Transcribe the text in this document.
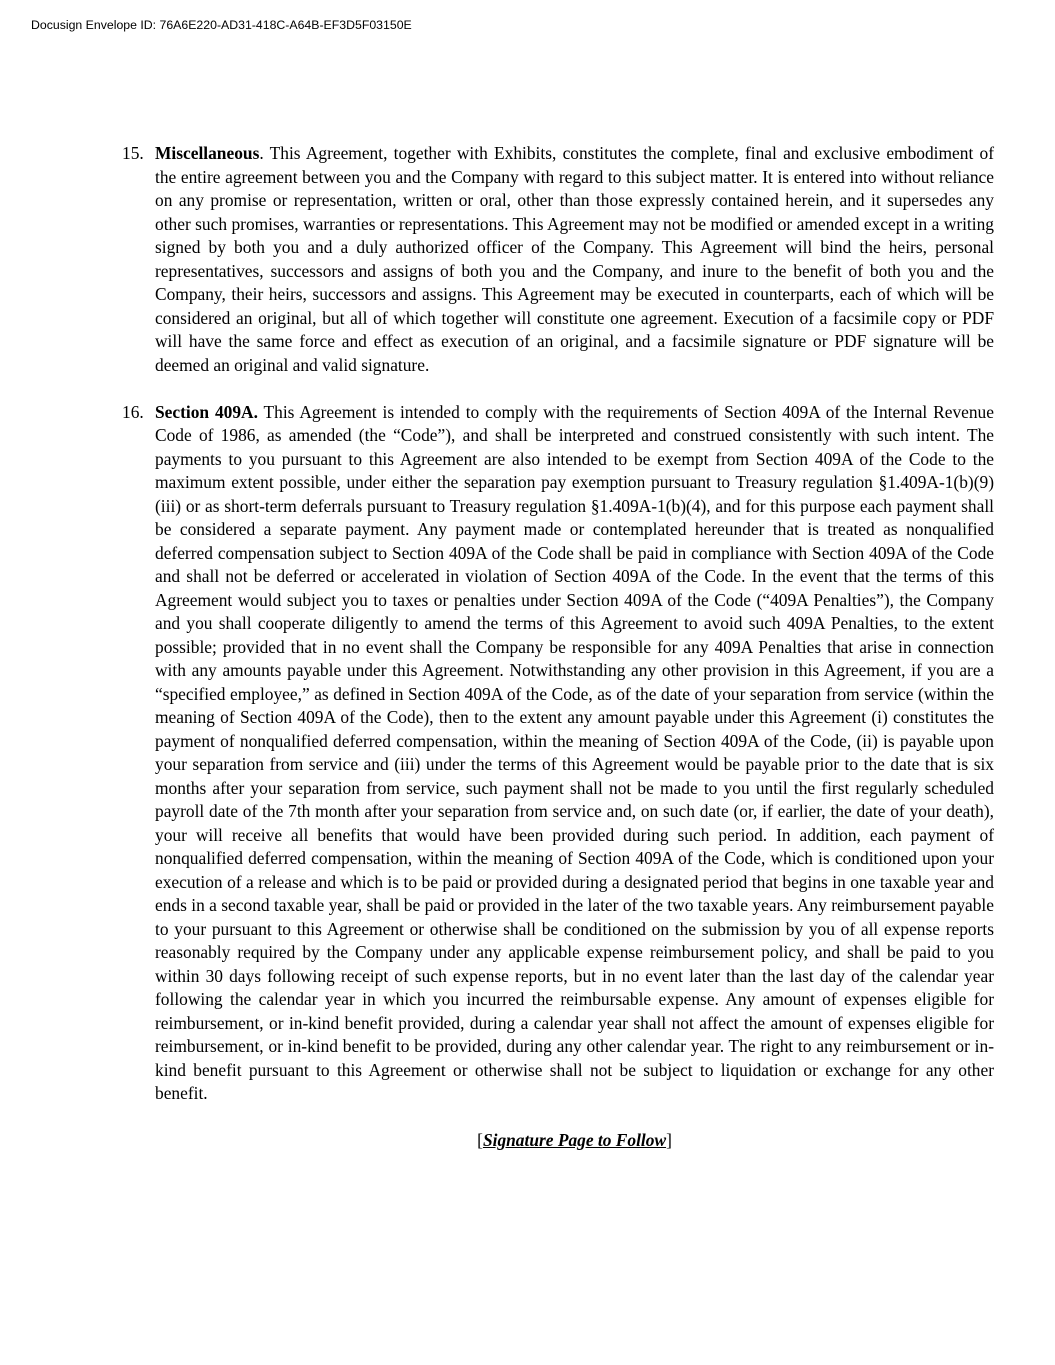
Docusign Envelope ID: 76A6E220-AD31-418C-A64B-EF3D5F03150E
15. Miscellaneous. This Agreement, together with Exhibits, constitutes the complete, final and exclusive embodiment of the entire agreement between you and the Company with regard to this subject matter. It is entered into without reliance on any promise or representation, written or oral, other than those expressly contained herein, and it supersedes any other such promises, warranties or representations. This Agreement may not be modified or amended except in a writing signed by both you and a duly authorized officer of the Company. This Agreement will bind the heirs, personal representatives, successors and assigns of both you and the Company, and inure to the benefit of both you and the Company, their heirs, successors and assigns. This Agreement may be executed in counterparts, each of which will be considered an original, but all of which together will constitute one agreement. Execution of a facsimile copy or PDF will have the same force and effect as execution of an original, and a facsimile signature or PDF signature will be deemed an original and valid signature.
16. Section 409A. This Agreement is intended to comply with the requirements of Section 409A of the Internal Revenue Code of 1986, as amended (the “Code”), and shall be interpreted and construed consistently with such intent. The payments to you pursuant to this Agreement are also intended to be exempt from Section 409A of the Code to the maximum extent possible, under either the separation pay exemption pursuant to Treasury regulation §1.409A-1(b)(9)(iii) or as short-term deferrals pursuant to Treasury regulation §1.409A-1(b)(4), and for this purpose each payment shall be considered a separate payment. Any payment made or contemplated hereunder that is treated as nonqualified deferred compensation subject to Section 409A of the Code shall be paid in compliance with Section 409A of the Code and shall not be deferred or accelerated in violation of Section 409A of the Code. In the event that the terms of this Agreement would subject you to taxes or penalties under Section 409A of the Code (“409A Penalties”), the Company and you shall cooperate diligently to amend the terms of this Agreement to avoid such 409A Penalties, to the extent possible; provided that in no event shall the Company be responsible for any 409A Penalties that arise in connection with any amounts payable under this Agreement. Notwithstanding any other provision in this Agreement, if you are a “specified employee,” as defined in Section 409A of the Code, as of the date of your separation from service (within the meaning of Section 409A of the Code), then to the extent any amount payable under this Agreement (i) constitutes the payment of nonqualified deferred compensation, within the meaning of Section 409A of the Code, (ii) is payable upon your separation from service and (iii) under the terms of this Agreement would be payable prior to the date that is six months after your separation from service, such payment shall not be made to you until the first regularly scheduled payroll date of the 7th month after your separation from service and, on such date (or, if earlier, the date of your death), your will receive all benefits that would have been provided during such period. In addition, each payment of nonqualified deferred compensation, within the meaning of Section 409A of the Code, which is conditioned upon your execution of a release and which is to be paid or provided during a designated period that begins in one taxable year and ends in a second taxable year, shall be paid or provided in the later of the two taxable years. Any reimbursement payable to your pursuant to this Agreement or otherwise shall be conditioned on the submission by you of all expense reports reasonably required by the Company under any applicable expense reimbursement policy, and shall be paid to you within 30 days following receipt of such expense reports, but in no event later than the last day of the calendar year following the calendar year in which you incurred the reimbursable expense. Any amount of expenses eligible for reimbursement, or in-kind benefit provided, during a calendar year shall not affect the amount of expenses eligible for reimbursement, or in-kind benefit to be provided, during any other calendar year. The right to any reimbursement or in-kind benefit pursuant to this Agreement or otherwise shall not be subject to liquidation or exchange for any other benefit.
[Signature Page to Follow]
